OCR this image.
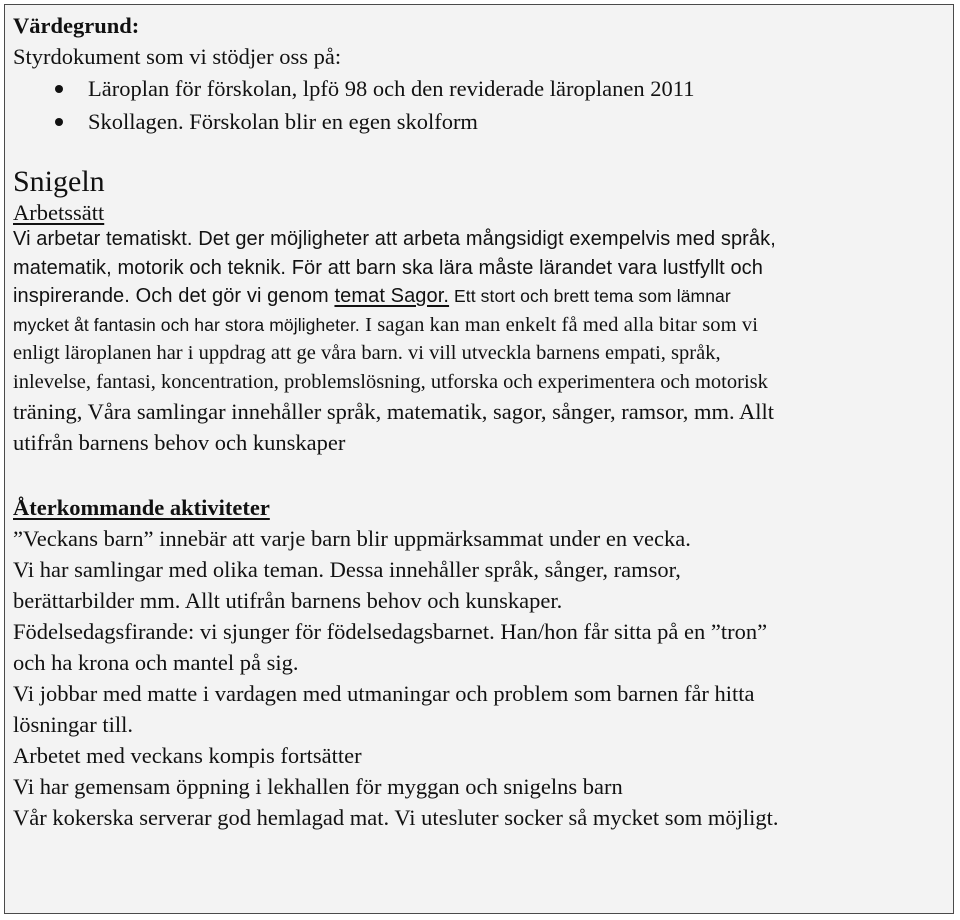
Värdegrund:
Styrdokument som vi stödjer oss på:
Läroplan för förskolan, lpfö 98 och den reviderade läroplanen 2011
Skollagen. Förskolan blir en egen skolform
Snigeln
Arbetssätt
Vi arbetar tematiskt. Det ger möjligheter att arbeta mångsidigt exempelvis med språk,
matematik, motorik och teknik. För att barn ska lära måste lärandet vara lustfyllt och
inspirerande. Och det gör vi genom temat Sagor. Ett stort och brett tema som lämnar
mycket åt fantasin och har stora möjligheter. I sagan kan man enkelt få med alla bitar som vi
enligt läroplanen har i uppdrag att ge våra barn. vi vill utveckla barnens empati, språk,
inlevelse, fantasi, koncentration, problemslösning, utforska och experimentera och motorisk
träning, Våra samlingar innehåller språk, matematik, sagor, sånger, ramsor, mm. Allt
utifrån barnens behov och kunskaper
Återkommande aktiviteter
”Veckans barn” innebär att varje barn blir uppmärksammat under en vecka.
Vi har samlingar med olika teman. Dessa innehåller språk, sånger, ramsor,
berättarbilder mm. Allt utifrån barnens behov och kunskaper.
Födelsedagsfirande: vi sjunger för födelsedagsbarnet. Han/hon får sitta på en ”tron”
och ha krona och mantel på sig.
Vi jobbar med matte i vardagen med utmaningar och problem som barnen får hitta
lösningar till.
Arbetet med veckans kompis fortsätter
Vi har gemensam öppning i lekhallen för myggan och snigelns barn
Vår kokerska serverar god hemlagad mat. Vi utesluter socker så mycket som möjligt.
